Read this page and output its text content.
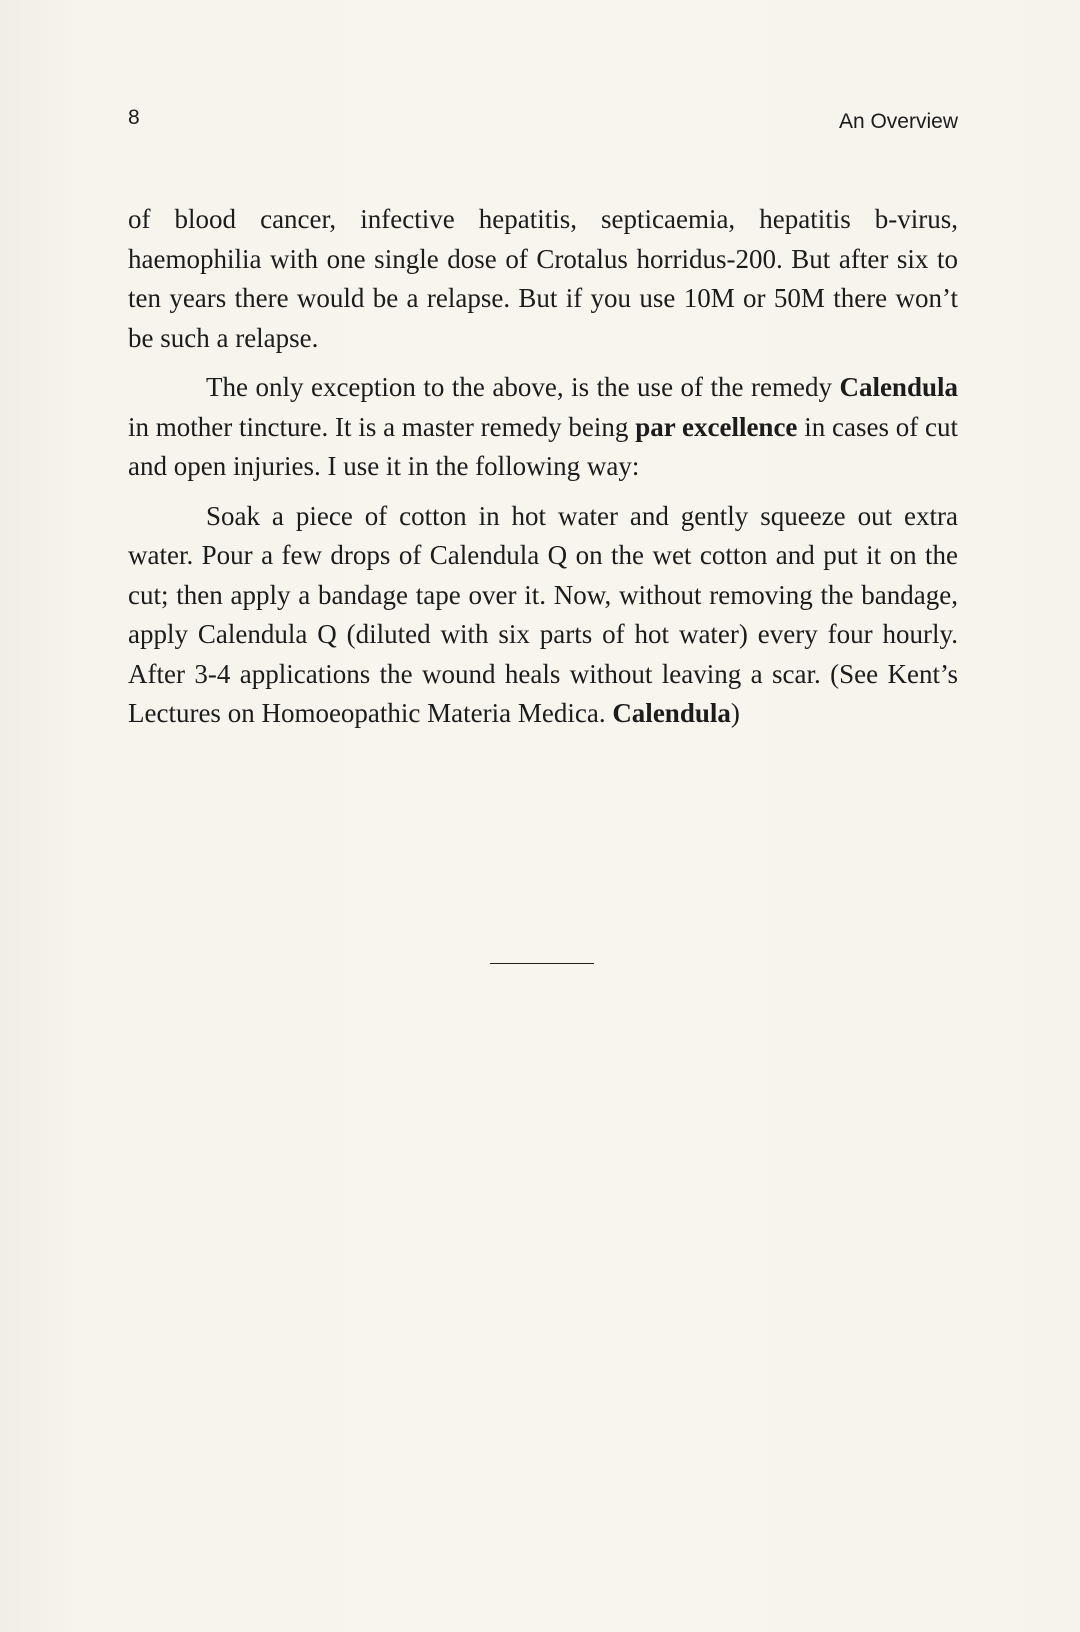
8	An Overview

of blood cancer, infective hepatitis, septicaemia, hepatitis b-virus, haemophilia with one single dose of Crotalus horridus-200. But after six to ten years there would be a relapse. But if you use 10M or 50M there won’t be such a relapse.

The only exception to the above, is the use of the remedy Calendula in mother tincture. It is a master remedy being par excellence in cases of cut and open injuries. I use it in the following way:

Soak a piece of cotton in hot water and gently squeeze out extra water. Pour a few drops of Calendula Q on the wet cotton and put it on the cut; then apply a bandage tape over it. Now, without removing the bandage, apply Calendula Q (diluted with six parts of hot water) every four hourly. After 3-4 applications the wound heals without leaving a scar. (See Kent’s Lectures on Homoeopathic Materia Medica. Calendula)
